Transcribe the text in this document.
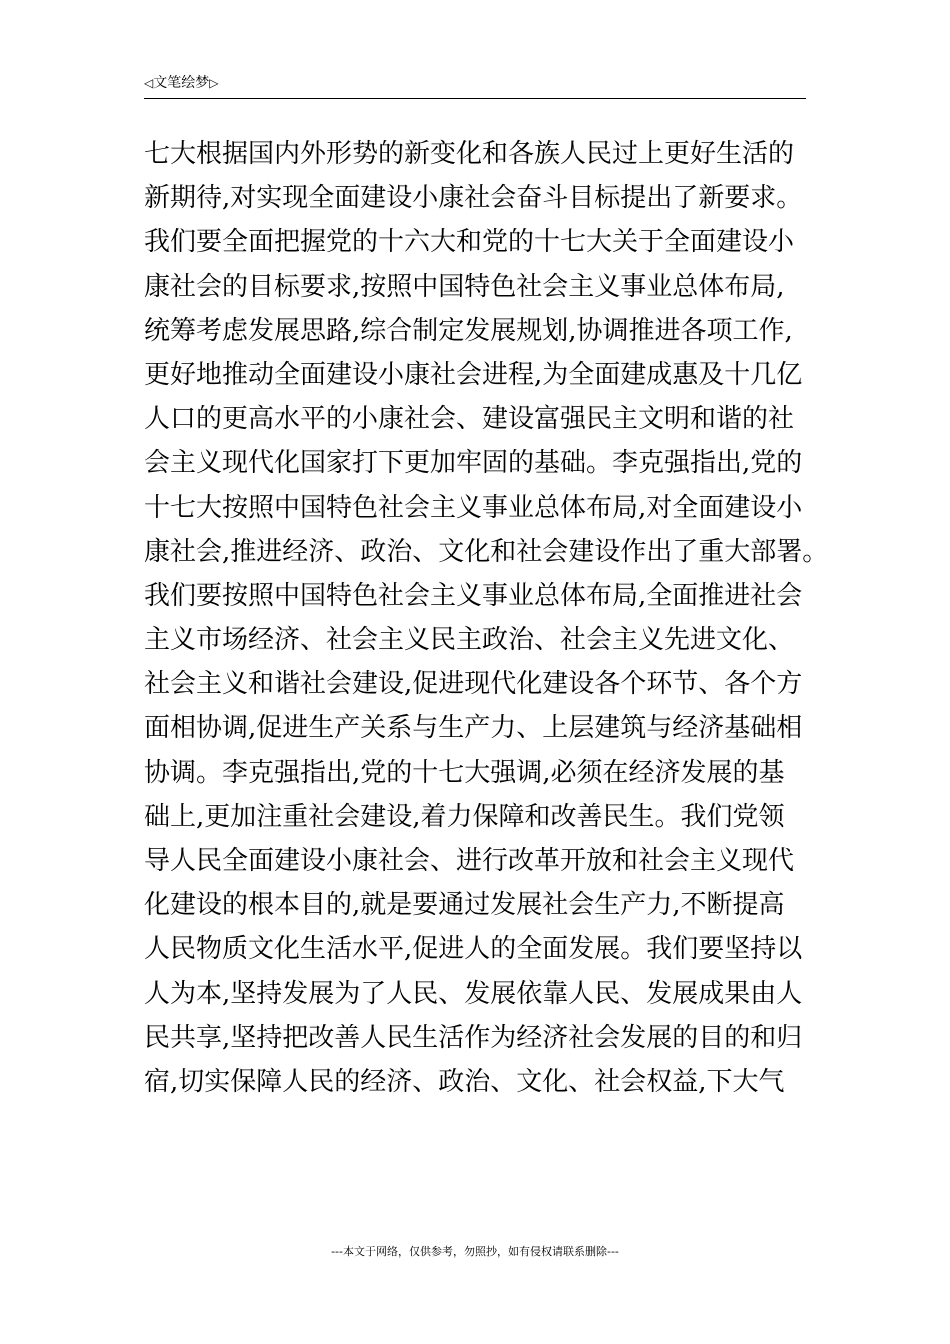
◁文笔绘梦▷
七大根据国内外形势的新变化和各族人民过上更好生活的
新期待,对实现全面建设小康社会奋斗目标提出了新要求。
我们要全面把握党的十六大和党的十七大关于全面建设小
康社会的目标要求,按照中国特色社会主义事业总体布局,
统筹考虑发展思路,综合制定发展规划,协调推进各项工作,
更好地推动全面建设小康社会进程,为全面建成惠及十几亿
人口的更高水平的小康社会、建设富强民主文明和谐的社
会主义现代化国家打下更加牢固的基础。李克强指出,党的
十七大按照中国特色社会主义事业总体布局,对全面建设小
康社会,推进经济、政治、文化和社会建设作出了重大部署。
我们要按照中国特色社会主义事业总体布局,全面推进社会
主义市场经济、社会主义民主政治、社会主义先进文化、
社会主义和谐社会建设,促进现代化建设各个环节、各个方
面相协调,促进生产关系与生产力、上层建筑与经济基础相
协调。李克强指出,党的十七大强调,必须在经济发展的基
础上,更加注重社会建设,着力保障和改善民生。我们党领
导人民全面建设小康社会、进行改革开放和社会主义现代
化建设的根本目的,就是要通过发展社会生产力,不断提高
人民物质文化生活水平,促进人的全面发展。我们要坚持以
人为本,坚持发展为了人民、发展依靠人民、发展成果由人
民共享,坚持把改善人民生活作为经济社会发展的目的和归
宿,切实保障人民的经济、政治、文化、社会权益,下大气
---本文于网络，仅供参考，勿照抄，如有侵权请联系删除---
